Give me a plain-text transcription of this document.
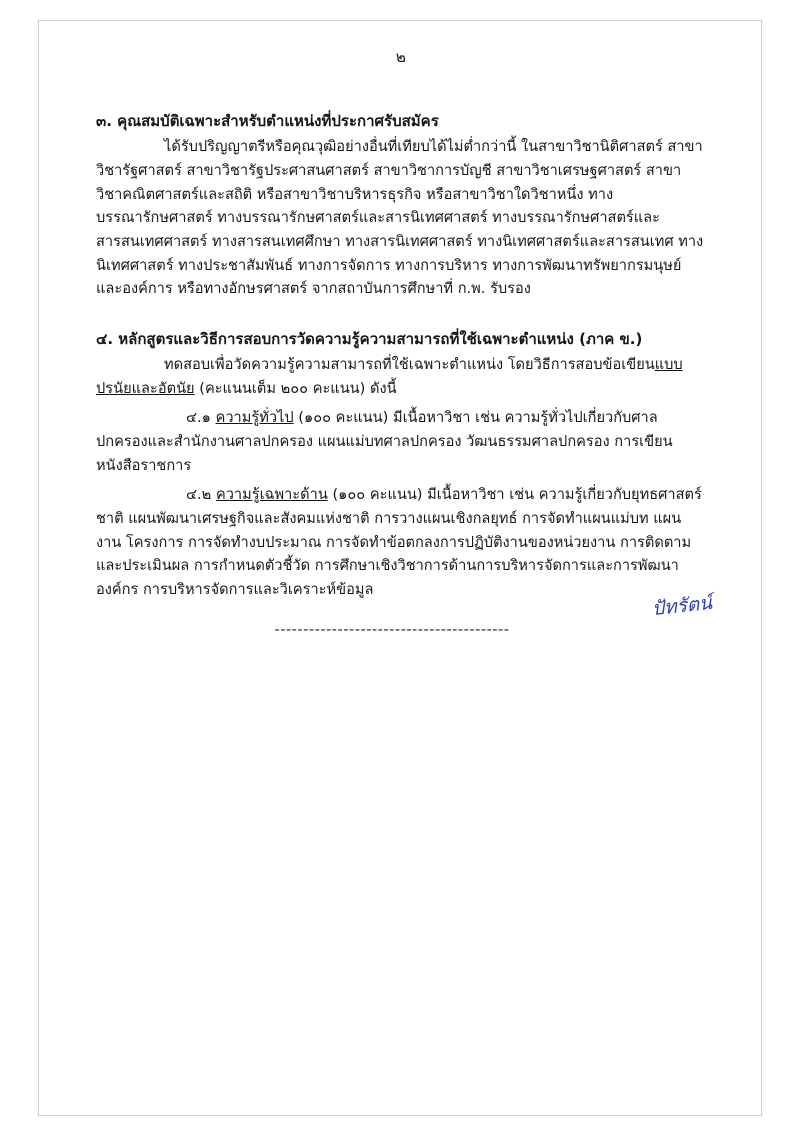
๒
๓. คุณสมบัติเฉพาะสำหรับตำแหน่งที่ประกาศรับสมัคร

ได้รับปริญญาตรีหรือคุณวุฒิอย่างอื่นที่เทียบได้ไม่ต่ำกว่านี้ ในสาขาวิชานิติศาสตร์ สาขาวิชารัฐศาสตร์ สาขาวิชารัฐประศาสนศาสตร์ สาขาวิชาการบัญชี สาขาวิชาเศรษฐศาสตร์ สาขาวิชาคณิตศาสตร์และสถิติ หรือสาขาวิชาบริหารธุรกิจ หรือสาขาวิชาใดวิชาหนึ่ง ทางบรรณารักษศาสตร์ ทางบรรณารักษศาสตร์และสารนิเทศศาสตร์ ทางบรรณารักษศาสตร์และสารสนเทศศาสตร์ ทางสารสนเทศศึกษา ทางสารนิเทศศาสตร์ ทางนิเทศศาสตร์และสารสนเทศ ทางนิเทศศาสตร์ ทางประชาสัมพันธ์ ทางการจัดการ ทางการบริหาร ทางการพัฒนาทรัพยากรมนุษย์และองค์การ หรือทางอักษรศาสตร์ จากสถาบันการศึกษาที่ ก.พ. รับรอง

๔. หลักสูตรและวิธีการสอบการวัดความรู้ความสามารถที่ใช้เฉพาะตำแหน่ง (ภาค ข.)

ทดสอบเพื่อวัดความรู้ความสามารถที่ใช้เฉพาะตำแหน่ง โดยวิธีการสอบข้อเขียนแบบปรนัยและอัตนัย (คะแนนเต็ม ๒๐๐ คะแนน) ดังนี้

๔.๑ ความรู้ทั่วไป (๑๐๐ คะแนน) มีเนื้อหาวิชา เช่น ความรู้ทั่วไปเกี่ยวกับศาลปกครองและสำนักงานศาลปกครอง แผนแม่บทศาลปกครอง วัฒนธรรมศาลปกครอง การเขียนหนังสือราชการ

๔.๒ ความรู้เฉพาะด้าน (๑๐๐ คะแนน) มีเนื้อหาวิชา เช่น ความรู้เกี่ยวกับยุทธศาสตร์ชาติ แผนพัฒนาเศรษฐกิจและสังคมแห่งชาติ การวางแผนเชิงกลยุทธ์ การจัดทำแผนแม่บท แผนงาน โครงการ การจัดทำงบประมาณ การจัดทำข้อตกลงการปฏิบัติงานของหน่วยงาน การติดตามและประเมินผล การกำหนดตัวชี้วัด การศึกษาเชิงวิชาการด้านการบริหารจัดการและการพัฒนาองค์กร การบริหารจัดการและวิเคราะห์ข้อมูล

-----------------------------------------
ปัทรัตน์
